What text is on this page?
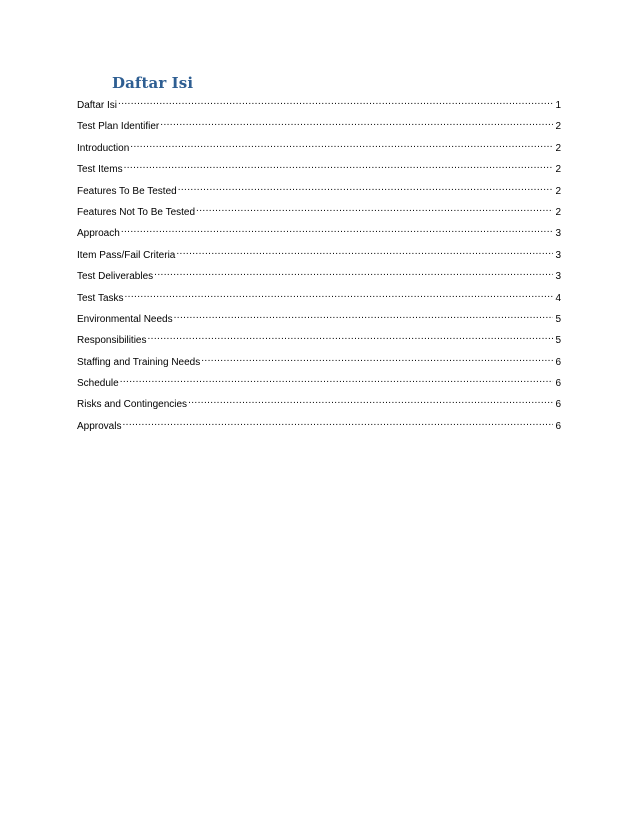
Daftar Isi
Daftar Isi .....	1
Test Plan Identifier .....	2
Introduction .....	2
Test Items .....	2
Features To Be Tested .....	2
Features Not To Be Tested .....	2
Approach .....	3
Item Pass/Fail Criteria .....	3
Test Deliverables .....	3
Test Tasks .....	4
Environmental Needs .....	5
Responsibilities .....	5
Staffing and Training Needs .....	6
Schedule .....	6
Risks and Contingencies .....	6
Approvals .....	6
